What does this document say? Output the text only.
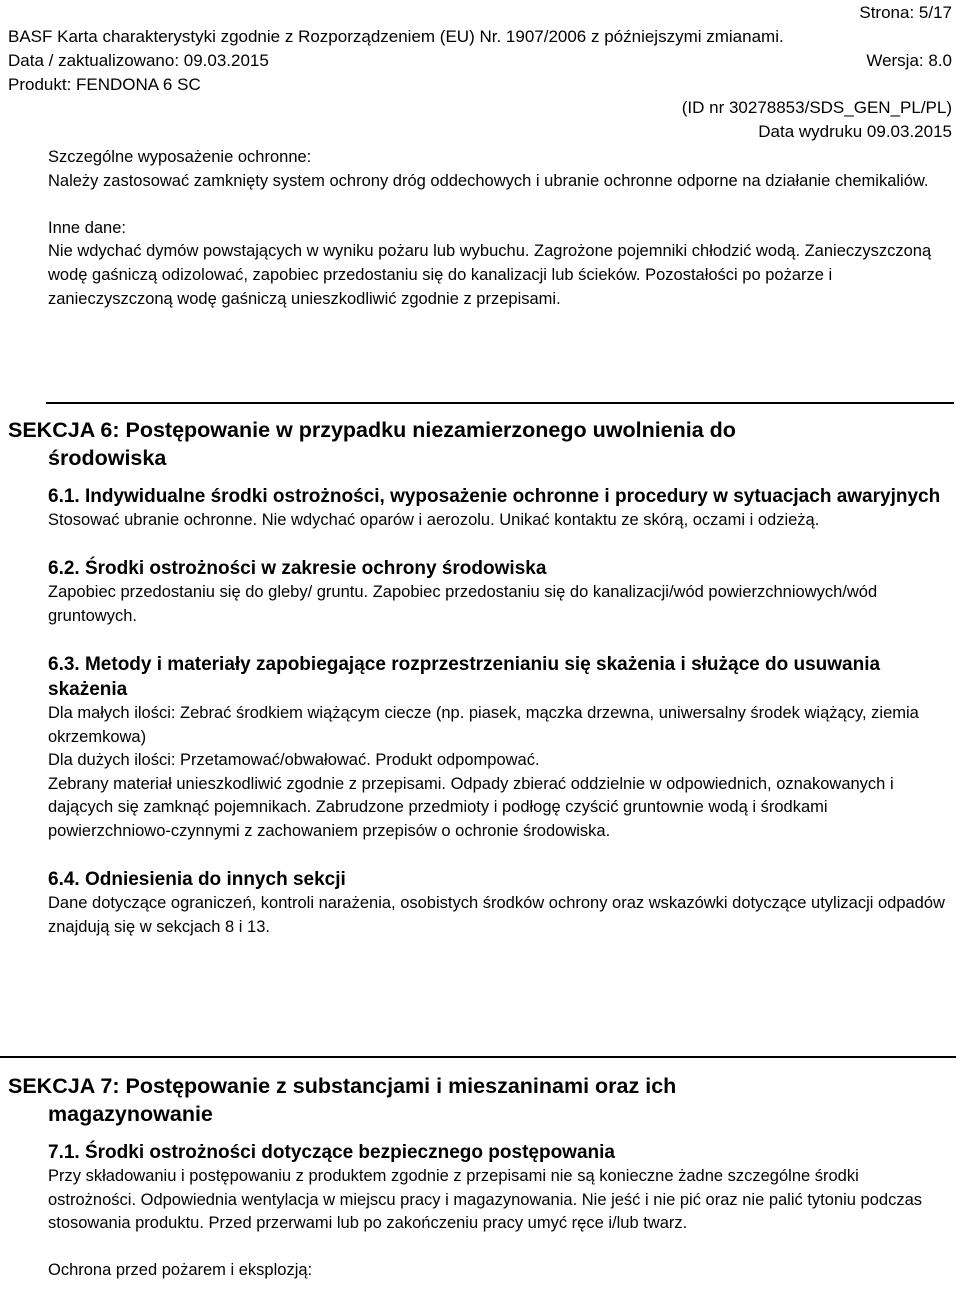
Strona: 5/17
BASF Karta charakterystyki zgodnie z Rozporządzeniem (EU) Nr. 1907/2006 z późniejszymi zmianami.
Data / zaktualizowano: 09.03.2015	Wersja: 8.0
Produkt: FENDONA 6 SC
(ID nr 30278853/SDS_GEN_PL/PL)
Data wydruku 09.03.2015

Szczególne wyposażenie ochronne:

Należy zastosować zamknięty system ochrony dróg oddechowych i ubranie ochronne odporne na działanie chemikaliów.

Inne dane:

Nie wdychać dymów powstających w wyniku pożaru lub wybuchu. Zagrożone pojemniki chłodzić wodą. Zanieczyszczoną wodę gaśniczą odizolować, zapobiec przedostaniu się do kanalizacji lub ścieków. Pozostałości po pożarze i zanieczyszczoną wodę gaśniczą unieszkodliwić zgodnie z przepisami.

SEKCJA 6: Postępowanie w przypadku niezamierzonego uwolnienia do
środowiska
6.1. Indywidualne środki ostrożności, wyposażenie ochronne i procedury w sytuacjach awaryjnych

Stosować ubranie ochronne. Nie wdychać oparów i aerozolu. Unikać kontaktu ze skórą, oczami i odzieżą.

6.2. Środki ostrożności w zakresie ochrony środowiska

Zapobiec przedostaniu się do gleby/ gruntu. Zapobiec przedostaniu się do kanalizacji/wód powierzchniowych/wód gruntowych.

6.3. Metody i materiały zapobiegające rozprzestrzenianiu się skażenia i służące do usuwania skażenia

Dla małych ilości: Zebrać środkiem wiążącym ciecze (np. piasek, mączka drzewna, uniwersalny środek wiążący, ziemia okrzemkowa)

Dla dużych ilości: Przetamować/obwałować. Produkt odpompować.

Zebrany materiał unieszkodliwić zgodnie z przepisami. Odpady zbierać oddzielnie w odpowiednich, oznakowanych i dających się zamknąć pojemnikach. Zabrudzone przedmioty i podłogę czyścić gruntownie wodą i środkami powierzchniowo-czynnymi z zachowaniem przepisów o ochronie środowiska.

6.4. Odniesienia do innych sekcji

Dane dotyczące ograniczeń, kontroli narażenia, osobistych środków ochrony oraz wskazówki dotyczące utylizacji odpadów znajdują się w sekcjach 8 i 13.

SEKCJA 7: Postępowanie z substancjami i mieszaninami oraz ich
magazynowanie
7.1. Środki ostrożności dotyczące bezpiecznego postępowania

Przy składowaniu i postępowaniu z produktem zgodnie z przepisami nie są konieczne żadne szczególne środki ostrożności. Odpowiednia wentylacja w miejscu pracy i magazynowania. Nie jeść i nie pić oraz nie palić tytoniu podczas stosowania produktu. Przed przerwami lub po zakończeniu pracy umyć ręce i/lub twarz.

Ochrona przed pożarem i eksplozją:
